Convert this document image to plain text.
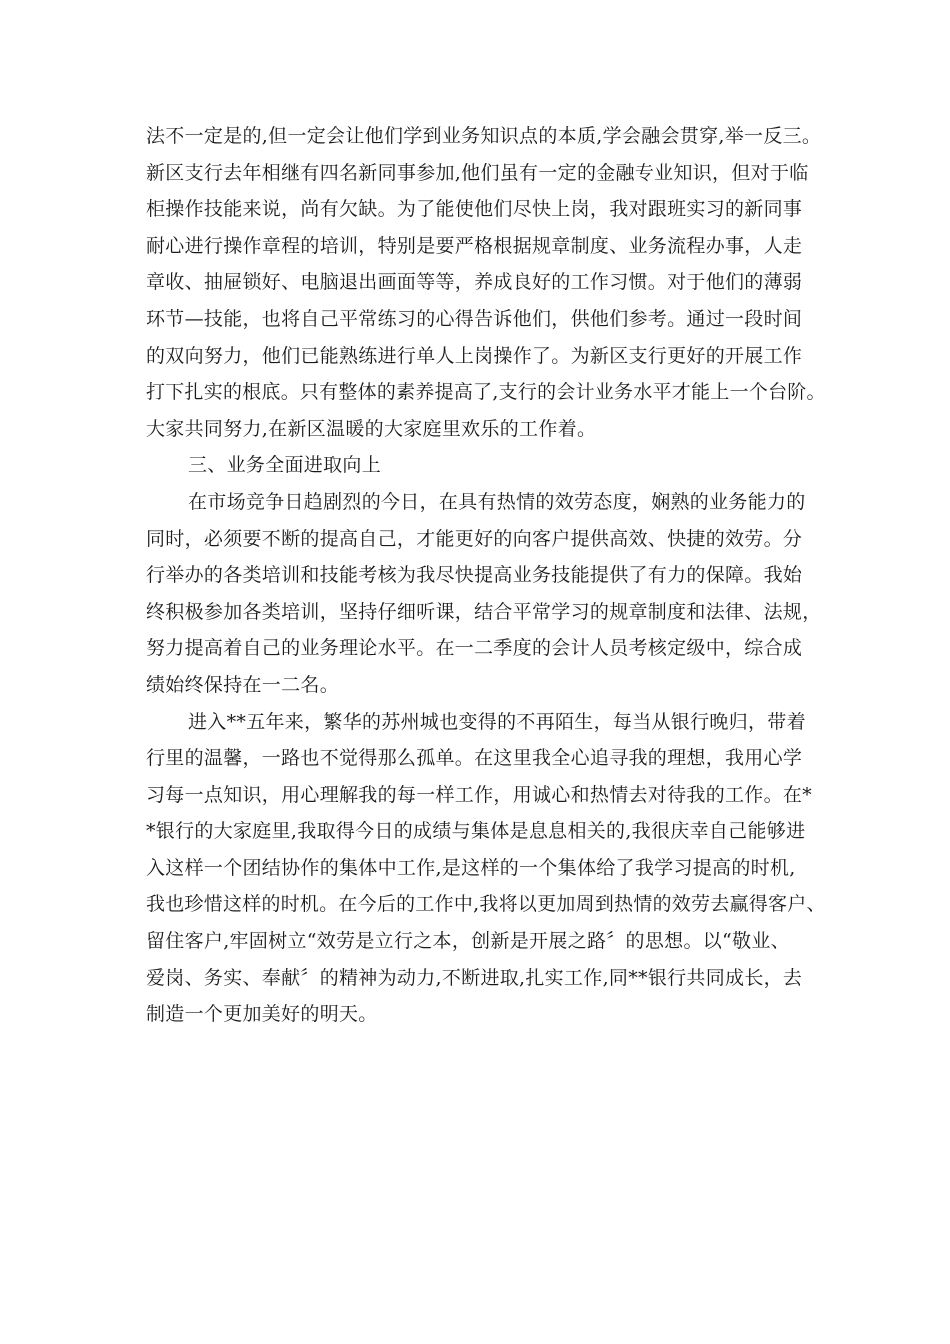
法不一定是的,但一定会让他们学到业务知识点的本质,学会融会贯穿,举一反三。
新区支行去年相继有四名新同事参加,他们虽有一定的金融专业知识，但对于临
柜操作技能来说，尚有欠缺。为了能使他们尽快上岗，我对跟班实习的新同事
耐心进行操作章程的培训，特别是要严格根据规章制度、业务流程办事，人走
章收、抽屉锁好、电脑退出画面等等，养成良好的工作习惯。对于他们的薄弱
环节—技能，也将自己平常练习的心得告诉他们，供他们参考。通过一段时间
的双向努力，他们已能熟练进行单人上岗操作了。为新区支行更好的开展工作
打下扎实的根底。只有整体的素养提高了,支行的会计业务水平才能上一个台阶。
大家共同努力,在新区温暖的大家庭里欢乐的工作着。
三、业务全面进取向上
在市场竞争日趋剧烈的今日，在具有热情的效劳态度，娴熟的业务能力的
同时，必须要不断的提高自己，才能更好的向客户提供高效、快捷的效劳。分
行举办的各类培训和技能考核为我尽快提高业务技能提供了有力的保障。我始
终积极参加各类培训，坚持仔细听课，结合平常学习的规章制度和法律、法规，
努力提高着自己的业务理论水平。在一二季度的会计人员考核定级中，综合成
绩始终保持在一二名。
进入**五年来，繁华的苏州城也变得的不再陌生，每当从银行晚归，带着
行里的温馨，一路也不觉得那么孤单。在这里我全心追寻我的理想，我用心学
习每一点知识，用心理解我的每一样工作，用诚心和热情去对待我的工作。在*
*银行的大家庭里,我取得今日的成绩与集体是息息相关的,我很庆幸自己能够进
入这样一个团结协作的集体中工作,是这样的一个集体给了我学习提高的时机,
我也珍惜这样的时机。在今后的工作中,我将以更加周到热情的效劳去赢得客户、
留住客户,牢固树立“效劳是立行之本，创新是开展之路〞的思想。以“敬业、
爱岗、务实、奉献〞的精神为动力,不断进取,扎实工作,同**银行共同成长，去
制造一个更加美好的明天。
